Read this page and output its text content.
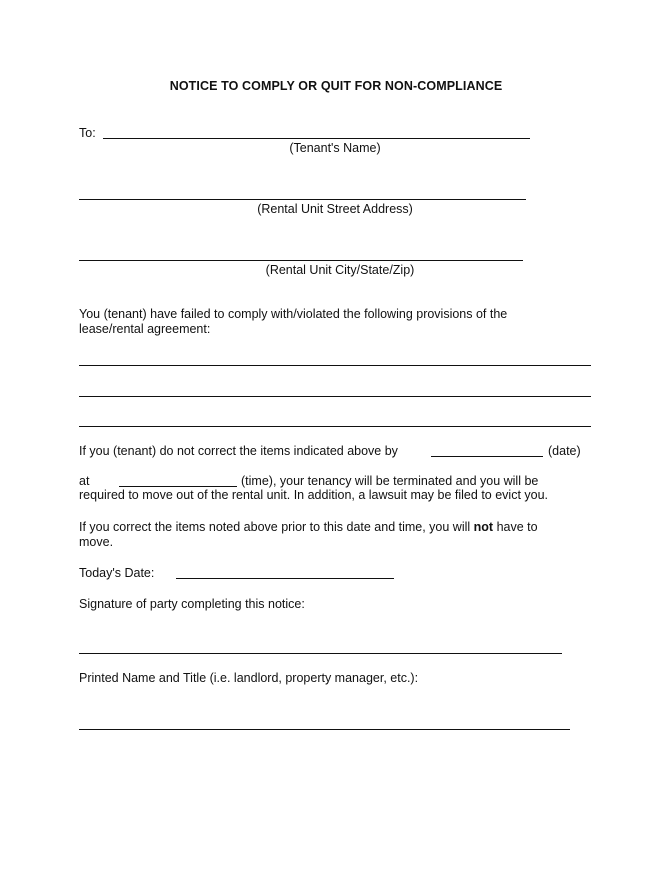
NOTICE TO COMPLY OR QUIT FOR NON-COMPLIANCE
To:
(Tenant's Name)
(Rental Unit Street Address)
(Rental Unit City/State/Zip)
You (tenant) have failed to comply with/violated the following provisions of the
lease/rental agreement:
If you (tenant) do not correct the items indicated above by	(date)
at	(time), your tenancy will be terminated and you will be
required to move out of the rental unit. In addition, a lawsuit may be filed to evict you.
If you correct the items noted above prior to this date and time, you will not have to
move.
Today's Date:
Signature of party completing this notice:
Printed Name and Title (i.e. landlord, property manager, etc.):
